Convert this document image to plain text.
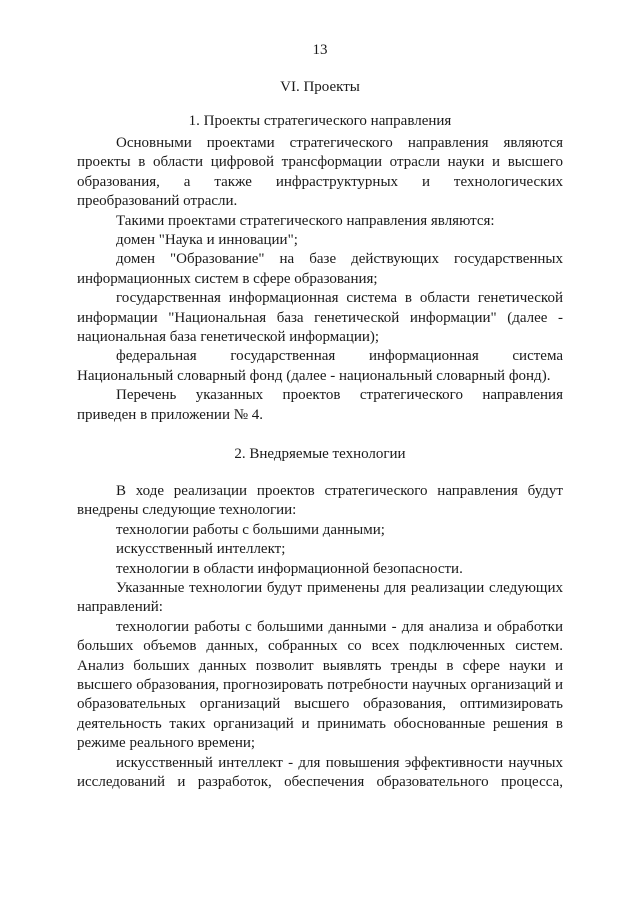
13
VI. Проекты
1. Проекты стратегического направления

Основными проектами стратегического направления являются проекты в области цифровой трансформации отрасли науки и высшего образования, а также инфраструктурных и технологических преобразований отрасли.

Такими проектами стратегического направления являются:

домен "Наука и инновации";

домен "Образование" на базе действующих государственных информационных систем в сфере образования;

государственная информационная система в области генетической информации "Национальная база генетической информации" (далее - национальная база генетической информации);

федеральная государственная информационная система Национальный словарный фонд (далее - национальный словарный фонд).

Перечень указанных проектов стратегического направления приведен в приложении № 4.

2. Внедряемые технологии

В ходе реализации проектов стратегического направления будут внедрены следующие технологии:

технологии работы с большими данными;

искусственный интеллект;

технологии в области информационной безопасности.

Указанные технологии будут применены для реализации следующих направлений:

технологии работы с большими данными - для анализа и обработки больших объемов данных, собранных со всех подключенных систем. Анализ больших данных позволит выявлять тренды в сфере науки и высшего образования, прогнозировать потребности научных организаций и образовательных организаций высшего образования, оптимизировать деятельность таких организаций и принимать обоснованные решения в режиме реального времени;

искусственный интеллект - для повышения эффективности научных исследований и разработок, обеспечения образовательного процесса,
